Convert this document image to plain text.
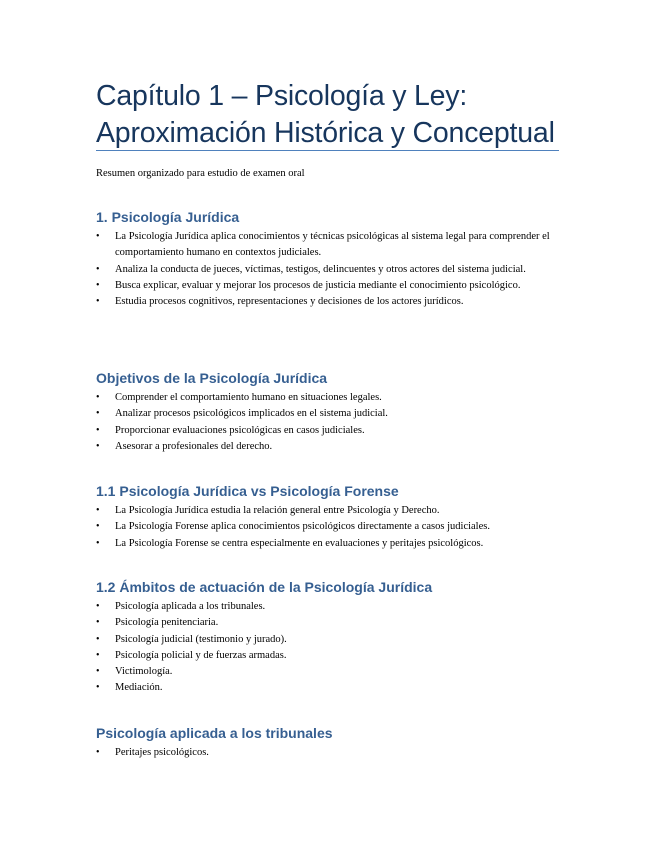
Capítulo 1 – Psicología y Ley:
Aproximación Histórica y Conceptual
Resumen organizado para estudio de examen oral
1. Psicología Jurídica
• La Psicología Jurídica aplica conocimientos y técnicas psicológicas al sistema legal para comprender el comportamiento humano en contextos judiciales.
• Analiza la conducta de jueces, víctimas, testigos, delincuentes y otros actores del sistema judicial.
• Busca explicar, evaluar y mejorar los procesos de justicia mediante el conocimiento psicológico.
• Estudia procesos cognitivos, representaciones y decisiones de los actores jurídicos.
Objetivos de la Psicología Jurídica
• Comprender el comportamiento humano en situaciones legales.
• Analizar procesos psicológicos implicados en el sistema judicial.
• Proporcionar evaluaciones psicológicas en casos judiciales.
• Asesorar a profesionales del derecho.
1.1 Psicología Jurídica vs Psicología Forense
• La Psicología Jurídica estudia la relación general entre Psicología y Derecho.
• La Psicología Forense aplica conocimientos psicológicos directamente a casos judiciales.
• La Psicología Forense se centra especialmente en evaluaciones y peritajes psicológicos.
1.2 Ámbitos de actuación de la Psicología Jurídica
• Psicología aplicada a los tribunales.
• Psicología penitenciaria.
• Psicología judicial (testimonio y jurado).
• Psicología policial y de fuerzas armadas.
• Victimología.
• Mediación.
Psicología aplicada a los tribunales
• Peritajes psicológicos.
